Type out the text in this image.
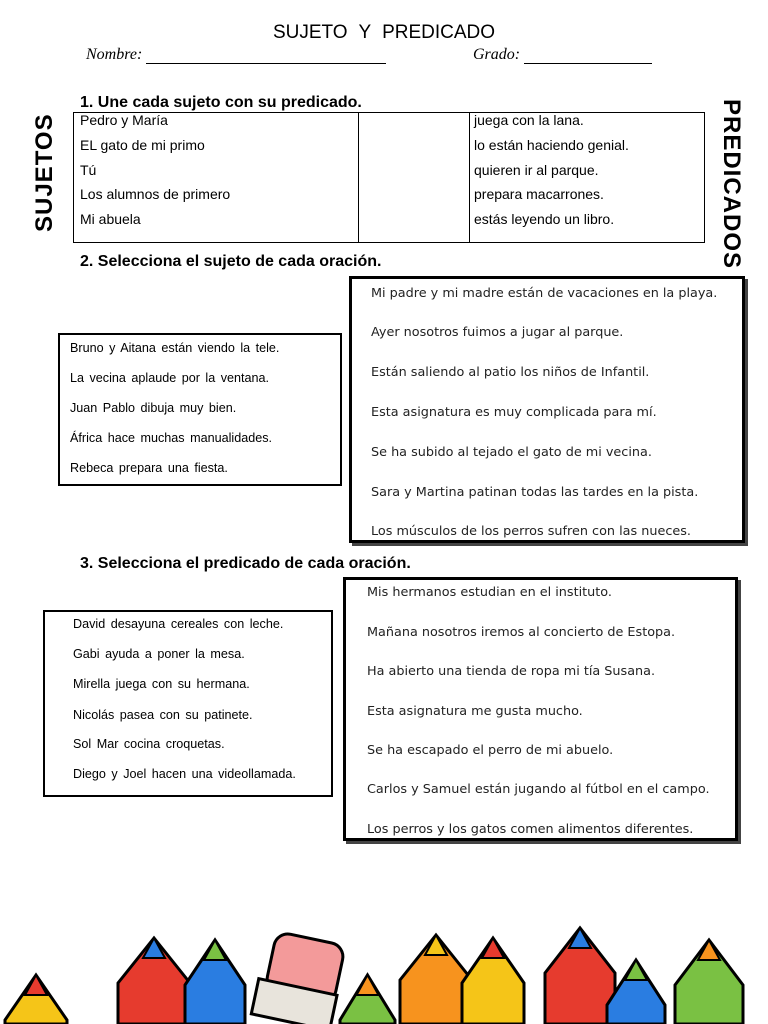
SUJETO Y PREDICADO
Nombre:	Grado:
1. Une cada sujeto con su predicado.
SUJETOS	PREDICADOS
Pedro y María
EL gato de mi primo
Tú
Los alumnos de primero
Mi abuela
juega con la lana.
lo están haciendo genial.
quieren ir al parque.
prepara macarrones.
estás leyendo un libro.
2. Selecciona el sujeto de cada oración.
Bruno y Aitana están viendo la tele.
La vecina aplaude por la ventana.
Juan Pablo dibuja muy bien.
África hace muchas manualidades.
Rebeca prepara una fiesta.
Mi padre y mi madre están de vacaciones en la playa.
Ayer nosotros fuimos a jugar al parque.
Están saliendo al patio los niños de Infantil.
Esta asignatura es muy complicada para mí.
Se ha subido al tejado el gato de mi vecina.
Sara y Martina patinan todas las tardes en la pista.
Los músculos de los perros sufren con las nueces.
3. Selecciona el predicado de cada oración.
David desayuna cereales con leche.
Gabi ayuda a poner la mesa.
Mirella juega con su hermana.
Nicolás pasea con su patinete.
Sol Mar cocina croquetas.
Diego y Joel hacen una videollamada.
Mis hermanos estudian en el instituto.
Mañana nosotros iremos al concierto de Estopa.
Ha abierto una tienda de ropa mi tía Susana.
Esta asignatura me gusta mucho.
Se ha escapado el perro de mi abuelo.
Carlos y Samuel están jugando al fútbol en el campo.
Los perros y los gatos comen alimentos diferentes.
